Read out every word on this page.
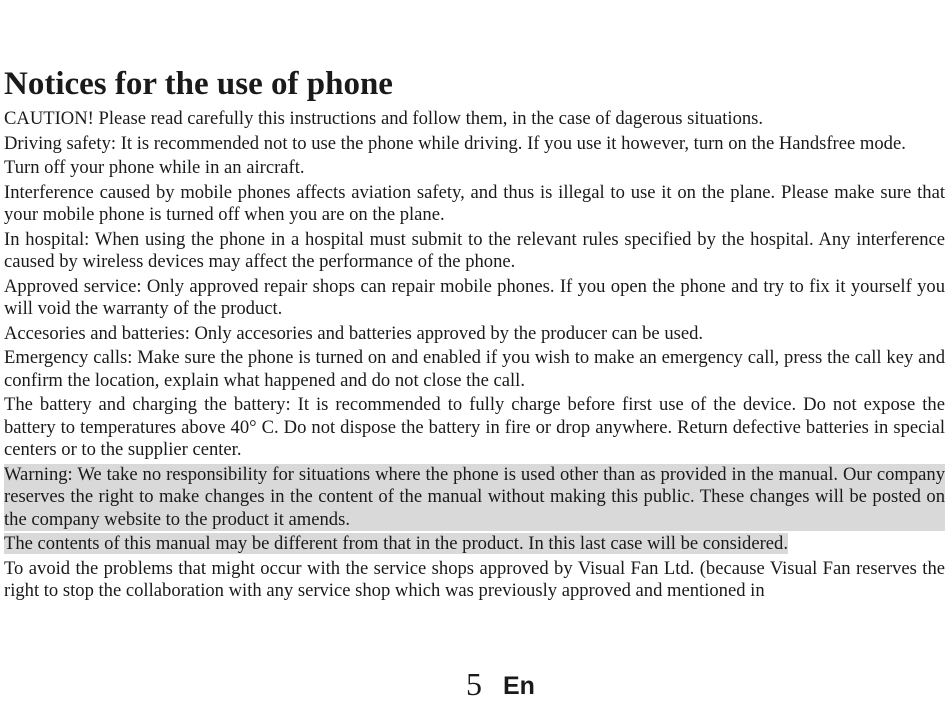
Notices for the use of phone

CAUTION! Please read carefully this instructions and follow them, in the case of dagerous situations.

Driving safety: It is recommended not to use the phone while driving. If you use it however, turn on the Handsfree mode.

Turn off your phone while in an aircraft.

Interference caused by mobile phones affects aviation safety, and thus is illegal to use it on the plane. Please make sure that your mobile phone is turned off when you are on the plane.

In hospital: When using the phone in a hospital must submit to the relevant rules specified by the hospital. Any interference caused by wireless devices may affect the performance of the phone.

Approved service: Only approved repair shops can repair mobile phones. If you open the phone and try to fix it yourself you will void the warranty of the product.

Accesories and batteries: Only accesories and batteries approved by the producer can be used.

Emergency calls: Make sure the phone is turned on and enabled if you wish to make an emergency call, press the call key and confirm the location, explain what happened and do not close the call.

The battery and charging the battery: It is recommended to fully charge before first use of the device. Do not expose the battery to temperatures above 40° C. Do not dispose the battery in fire or drop anywhere. Return defective batteries in special centers or to the supplier center.

Warning: We take no responsibility for situations where the phone is used other than as provided in the manual. Our company reserves the right to make changes in the content of the manual without making this public. These changes will be posted on the company website to the product it amends.

The contents of this manual may be different from that in the product. In this last case will be considered.

To avoid the problems that might occur with the service shops approved by Visual Fan Ltd. (because Visual Fan reserves the right to stop the collaboration with any service shop which was previously approved and mentioned in

5 En
